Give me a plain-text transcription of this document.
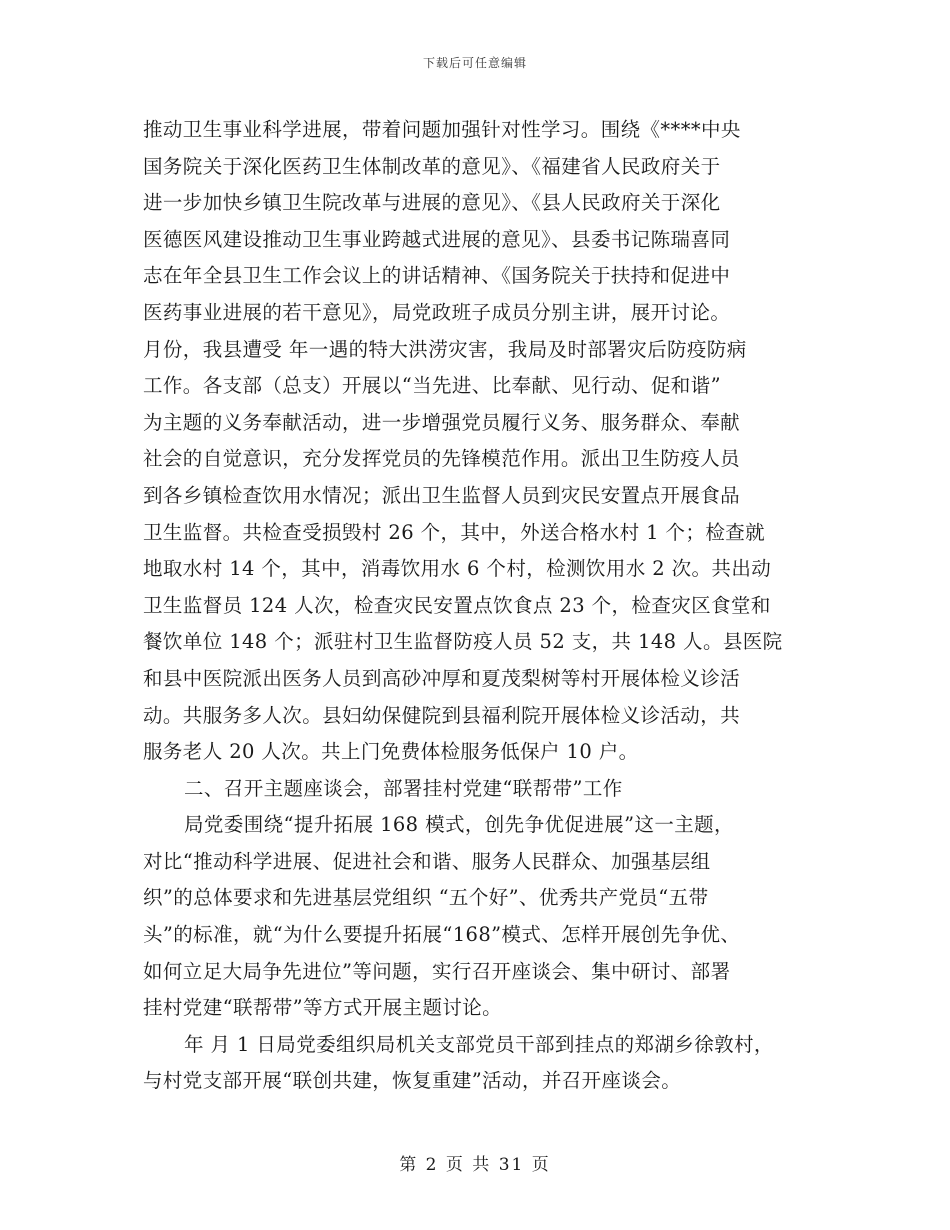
下载后可任意编辑
推动卫生事业科学进展，带着问题加强针对性学习。围绕《****中央
国务院关于深化医药卫生体制改革的意见》、《福建省人民政府关于
进一步加快乡镇卫生院改革与进展的意见》、《县人民政府关于深化
医德医风建设推动卫生事业跨越式进展的意见》、县委书记陈瑞喜同
志在年全县卫生工作会议上的讲话精神、《国务院关于扶持和促进中
医药事业进展的若干意见》，局党政班子成员分别主讲，展开讨论。
月份，我县遭受 年一遇的特大洪涝灾害，我局及时部署灾后防疫防病
工作。各支部（总支）开展以“当先进、比奉献、见行动、促和谐”
为主题的义务奉献活动，进一步增强党员履行义务、服务群众、奉献
社会的自觉意识，充分发挥党员的先锋模范作用。派出卫生防疫人员
到各乡镇检查饮用水情况；派出卫生监督人员到灾民安置点开展食品
卫生监督。共检查受损毁村 26 个，其中，外送合格水村 1 个；检查就
地取水村 14 个，其中，消毒饮用水 6 个村，检测饮用水 2 次。共出动
卫生监督员 124 人次，检查灾民安置点饮食点 23 个，检查灾区食堂和
餐饮单位 148 个；派驻村卫生监督防疫人员 52 支，共 148 人。县医院
和县中医院派出医务人员到高砂冲厚和夏茂梨树等村开展体检义诊活
动。共服务多人次。县妇幼保健院到县福利院开展体检义诊活动，共
服务老人 20 人次。共上门免费体检服务低保户 10 户。
二、召开主题座谈会，部署挂村党建“联帮带”工作
局党委围绕“提升拓展 168 模式，创先争优促进展”这一主题，
对比“推动科学进展、促进社会和谐、服务人民群众、加强基层组
织”的总体要求和先进基层党组织 “五个好”、优秀共产党员“五带
头”的标准，就“为什么要提升拓展“168”模式、怎样开展创先争优、
如何立足大局争先进位”等问题，实行召开座谈会、集中研讨、部署
挂村党建“联帮带”等方式开展主题讨论。
年 月 1 日局党委组织局机关支部党员干部到挂点的郑湖乡徐敦村，
与村党支部开展“联创共建，恢复重建”活动，并召开座谈会。
第 2 页 共 31 页
